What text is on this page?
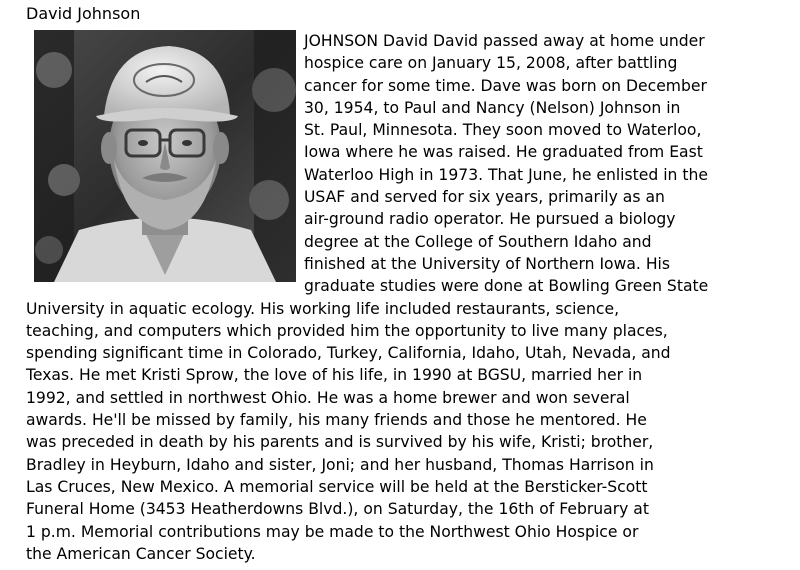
David Johnson
JOHNSON David David passed away at home under
hospice care on January 15, 2008, after battling
cancer for some time. Dave was born on December
30, 1954, to Paul and Nancy (Nelson) Johnson in
St. Paul, Minnesota. They soon moved to Waterloo,
Iowa where he was raised. He graduated from East
Waterloo High in 1973. That June, he enlisted in the
USAF and served for six years, primarily as an
air-ground radio operator. He pursued a biology
degree at the College of Southern Idaho and
finished at the University of Northern Iowa. His
graduate studies were done at Bowling Green State
University in aquatic ecology. His working life included restaurants, science,
teaching, and computers which provided him the opportunity to live many places,
spending significant time in Colorado, Turkey, California, Idaho, Utah, Nevada, and
Texas. He met Kristi Sprow, the love of his life, in 1990 at BGSU, married her in
1992, and settled in northwest Ohio. He was a home brewer and won several
awards. He'll be missed by family, his many friends and those he mentored. He
was preceded in death by his parents and is survived by his wife, Kristi; brother,
Bradley in Heyburn, Idaho and sister, Joni; and her husband, Thomas Harrison in
Las Cruces, New Mexico. A memorial service will be held at the Bersticker-Scott
Funeral Home (3453 Heatherdowns Blvd.), on Saturday, the 16th of February at
1 p.m. Memorial contributions may be made to the Northwest Ohio Hospice or
the American Cancer Society.
